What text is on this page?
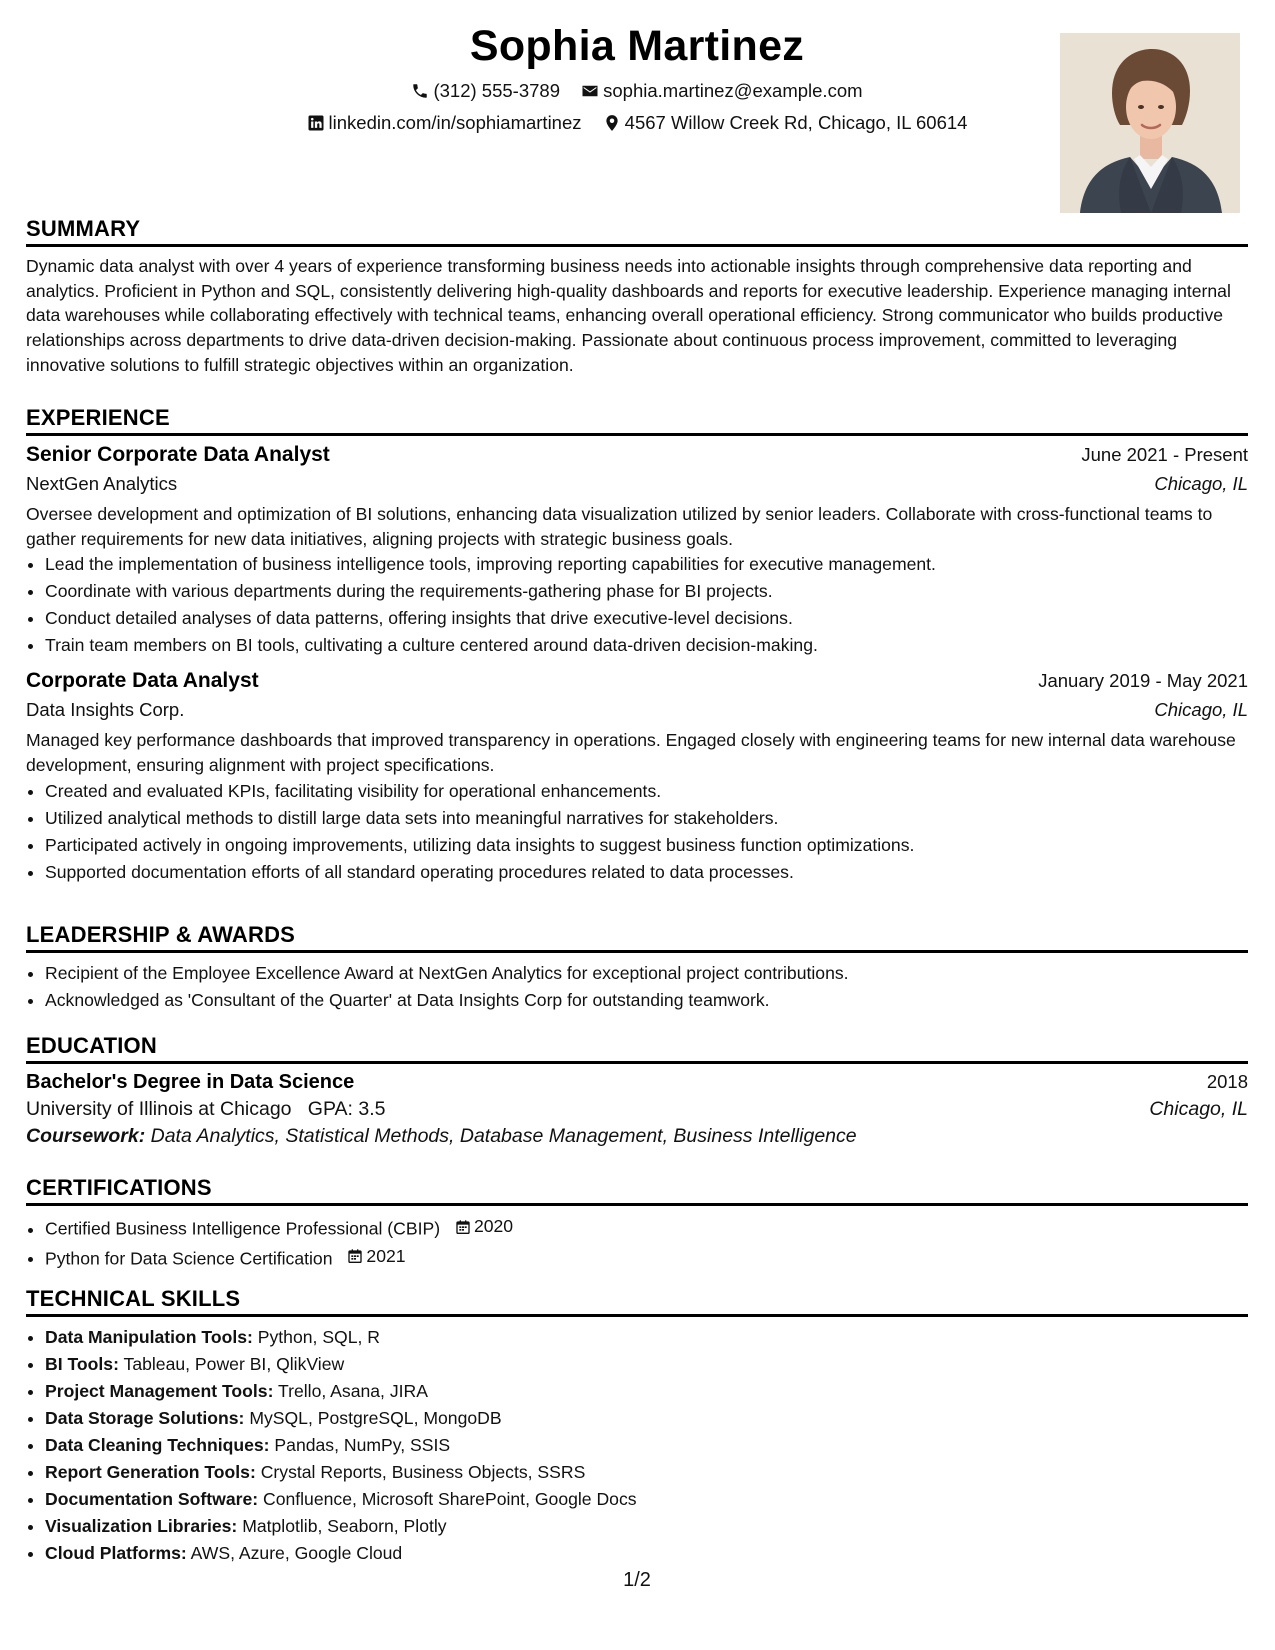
Sophia Martinez
(312) 555-3789
sophia.martinez@example.com
linkedin.com/in/sophiamartinez
4567 Willow Creek Rd, Chicago, IL 60614
SUMMARY

Dynamic data analyst with over 4 years of experience transforming business needs into actionable insights through comprehensive data reporting and analytics. Proficient in Python and SQL, consistently delivering high-quality dashboards and reports for executive leadership. Experience managing internal data warehouses while collaborating effectively with technical teams, enhancing overall operational efficiency. Strong communicator who builds productive relationships across departments to drive data-driven decision-making. Passionate about continuous process improvement, committed to leveraging innovative solutions to fulfill strategic objectives within an organization.

EXPERIENCE
Senior Corporate Data Analyst	June 2021 - Present
NextGen Analytics	Chicago, IL

Oversee development and optimization of BI solutions, enhancing data visualization utilized by senior leaders. Collaborate with cross-functional teams to gather requirements for new data initiatives, aligning projects with strategic business goals.

• Lead the implementation of business intelligence tools, improving reporting capabilities for executive management.
• Coordinate with various departments during the requirements-gathering phase for BI projects.
• Conduct detailed analyses of data patterns, offering insights that drive executive-level decisions.
• Train team members on BI tools, cultivating a culture centered around data-driven decision-making.
Corporate Data Analyst	January 2019 - May 2021
Data Insights Corp.	Chicago, IL

Managed key performance dashboards that improved transparency in operations. Engaged closely with engineering teams for new internal data warehouse development, ensuring alignment with project specifications.

• Created and evaluated KPIs, facilitating visibility for operational enhancements.
• Utilized analytical methods to distill large data sets into meaningful narratives for stakeholders.
• Participated actively in ongoing improvements, utilizing data insights to suggest business function optimizations.
• Supported documentation efforts of all standard operating procedures related to data processes.
LEADERSHIP & AWARDS
• Recipient of the Employee Excellence Award at NextGen Analytics for exceptional project contributions.
• Acknowledged as 'Consultant of the Quarter' at Data Insights Corp for outstanding teamwork.
EDUCATION
Bachelor's Degree in Data Science	2018
University of Illinois at Chicago GPA: 3.5	Chicago, IL
Coursework: Data Analytics, Statistical Methods, Database Management, Business Intelligence
CERTIFICATIONS
• Certified Business Intelligence Professional (CBIP) 2020
• Python for Data Science Certification 2021
TECHNICAL SKILLS
• Data Manipulation Tools: Python, SQL, R
• BI Tools: Tableau, Power BI, QlikView
• Project Management Tools: Trello, Asana, JIRA
• Data Storage Solutions: MySQL, PostgreSQL, MongoDB
• Data Cleaning Techniques: Pandas, NumPy, SSIS
• Report Generation Tools: Crystal Reports, Business Objects, SSRS
• Documentation Software: Confluence, Microsoft SharePoint, Google Docs
• Visualization Libraries: Matplotlib, Seaborn, Plotly
• Cloud Platforms: AWS, Azure, Google Cloud
1/2
